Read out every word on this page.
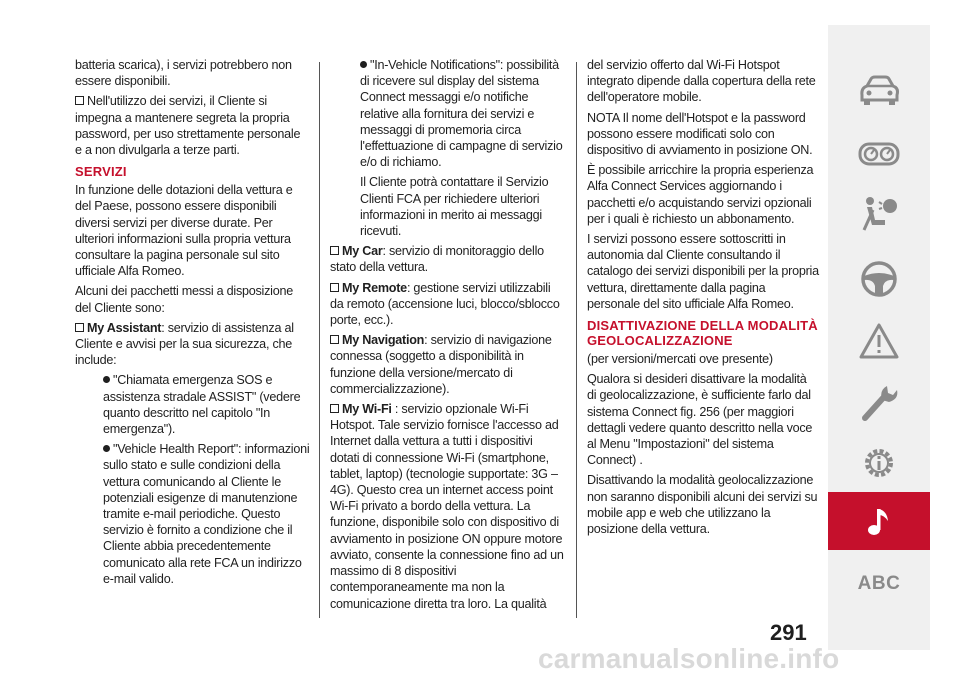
batteria scarica), i servizi potrebbero non essere disponibili.

Nell'utilizzo dei servizi, il Cliente si impegna a mantenere segreta la propria password, per uso strettamente personale e a non divulgarla a terze parti.

SERVIZI

In funzione delle dotazioni della vettura e del Paese, possono essere disponibili diversi servizi per diverse durate. Per ulteriori informazioni sulla propria vettura consultare la pagina personale sul sito ufficiale Alfa Romeo.

Alcuni dei pacchetti messi a disposizione del Cliente sono:

My Assistant: servizio di assistenza al Cliente e avvisi per la sua sicurezza, che include:

"Chiamata emergenza SOS e assistenza stradale ASSIST" (vedere quanto descritto nel capitolo "In emergenza").

"Vehicle Health Report": informazioni sullo stato e sulle condizioni della vettura comunicando al Cliente le potenziali esigenze di manutenzione tramite e-mail periodiche. Questo servizio è fornito a condizione che il Cliente abbia precedentemente comunicato alla rete FCA un indirizzo e-mail valido.

"In-Vehicle Notifications": possibilità di ricevere sul display del sistema Connect messaggi e/o notifiche relative alla fornitura dei servizi e messaggi di promemoria circa l'effettuazione di campagne di servizio e/o di richiamo.

Il Cliente potrà contattare il Servizio Clienti FCA per richiedere ulteriori informazioni in merito ai messaggi ricevuti.

My Car: servizio di monitoraggio dello stato della vettura.

My Remote: gestione servizi utilizzabili da remoto (accensione luci, blocco/sblocco porte, ecc.).

My Navigation: servizio di navigazione connessa (soggetto a disponibilità in funzione della versione/mercato di commercializzazione).

My Wi-Fi : servizio opzionale Wi-Fi Hotspot. Tale servizio fornisce l'accesso ad Internet dalla vettura a tutti i dispositivi dotati di connessione Wi-Fi (smartphone, tablet, laptop) (tecnologie supportate: 3G – 4G). Questo crea un internet access point Wi-Fi privato a bordo della vettura. La funzione, disponibile solo con dispositivo di avviamento in posizione ON oppure motore avviato, consente la connessione fino ad un massimo di 8 dispositivi contemporaneamente ma non la comunicazione diretta tra loro. La qualità

del servizio offerto dal Wi-Fi Hotspot integrato dipende dalla copertura della rete dell'operatore mobile.

NOTA Il nome dell'Hotspot e la password possono essere modificati solo con dispositivo di avviamento in posizione ON.

È possibile arricchire la propria esperienza Alfa Connect Services aggiornando i pacchetti e/o acquistando servizi opzionali per i quali è richiesto un abbonamento.

I servizi possono essere sottoscritti in autonomia dal Cliente consultando il catalogo dei servizi disponibili per la propria vettura, direttamente dalla pagina personale del sito ufficiale Alfa Romeo.

DISATTIVAZIONE DELLA MODALITÀ GEOLOCALIZZAZIONE

(per versioni/mercati ove presente)

Qualora si desideri disattivare la modalità di geolocalizzazione, è sufficiente farlo dal sistema Connect fig. 256 (per maggiori dettagli vedere quanto descritto nella voce al Menu "Impostazioni" del sistema Connect) .

Disattivando la modalità geolocalizzazione non saranno disponibili alcuni dei servizi su mobile app e web che utilizzano la posizione della vettura.

ABC
291
carmanualsonline.info
